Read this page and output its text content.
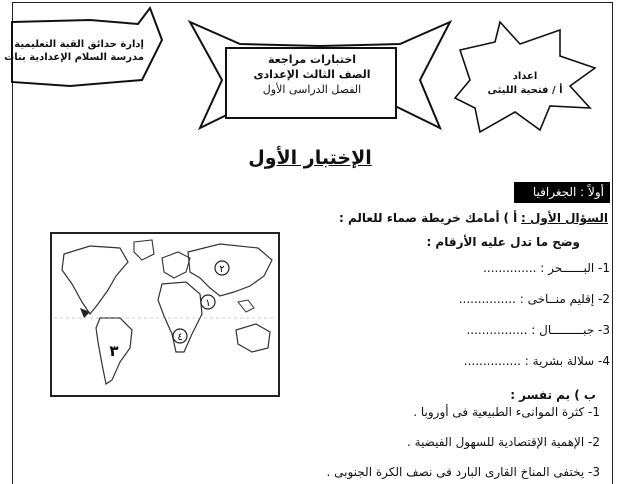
إدارة حدائق القبة التعليمية
مدرسة السلام الإعدادية بنات	اختبارات مراجعة
الصف الثالث الإعدادى
الفصل الدراسى الأول
اعداد
أ / فتحية الليثى
الإختبار الأول
أولاً : الجغرافيا
السؤال الأول : أ ) أمامك خريطة صماء للعالم :
وضح ما تدل عليه الأرقام :
1- البــــــحر : ..............
2- إقليم منــاخى : ...............
3- جبـــــــــال : ................
4- سلالة بشرية : ...............
ب ) بم تفسر :
1- كثرة الموانىء الطبيعية فى أوروبا .
2- الإهمية الإقتصادية للسهول الفيضية .
3- يختفى المناخ القارى البارد فى نصف الكرة الجنوبى .
١
٢
٣
٤
